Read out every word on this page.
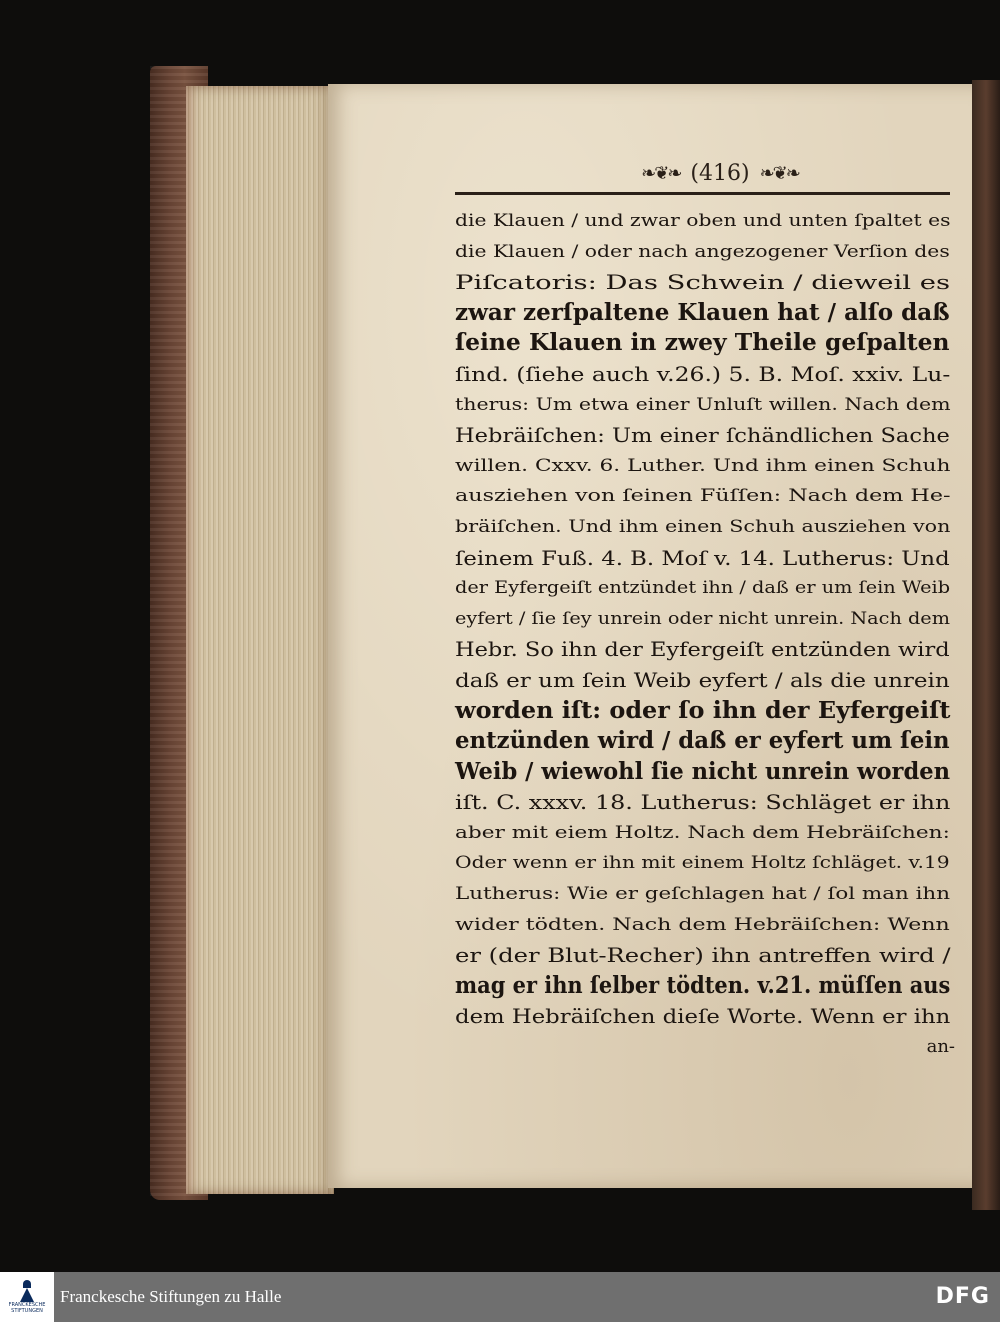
❧❦❧ (416) ❧❦❧
die Klauen / und zwar oben und unten ſpaltet es
die Klauen / oder nach angezogener Verſion des
Piſcatoris: Das Schwein / dieweil es
zwar zerſpaltene Klauen hat / alſo daß
ſeine Klauen in zwey Theile geſpalten
ſind. (ſiehe auch v.26.) 5. B. Moſ. xxiv. Lu-
therus: Um etwa einer Unluſt willen. Nach dem
Hebräiſchen: Um einer ſchändlichen Sache
willen. Cxxv. 6. Luther. Und ihm einen Schuh
ausziehen von ſeinen Füſſen: Nach dem He-
bräiſchen. Und ihm einen Schuh ausziehen von
ſeinem Fuß. 4. B. Moſ v. 14. Lutherus: Und
der Eyfergeiſt entzündet ihn / daß er um ſein Weib
eyfert / ſie ſey unrein oder nicht unrein. Nach dem
Hebr. So ihn der Eyfergeiſt entzünden wird
daß er um ſein Weib eyfert / als die unrein
worden iſt: oder ſo ihn der Eyfergeiſt
entzünden wird / daß er eyfert um ſein
Weib / wiewohl ſie nicht unrein worden
iſt. C. xxxv. 18. Lutherus: Schläget er ihn
aber mit eiem Holtz. Nach dem Hebräiſchen:
Oder wenn er ihn mit einem Holtz ſchläget. v.19
Lutherus: Wie er geſchlagen hat / ſol man ihn
wider tödten. Nach dem Hebräiſchen: Wenn
er (der Blut-Recher) ihn antreffen wird /
mag er ihn ſelber tödten. v.21. müſſen aus
dem Hebräiſchen dieſe Worte. Wenn er ihn
an-
FRANCKESCHE STIFTUNGEN
Franckesche Stiftungen zu Halle	DFG
